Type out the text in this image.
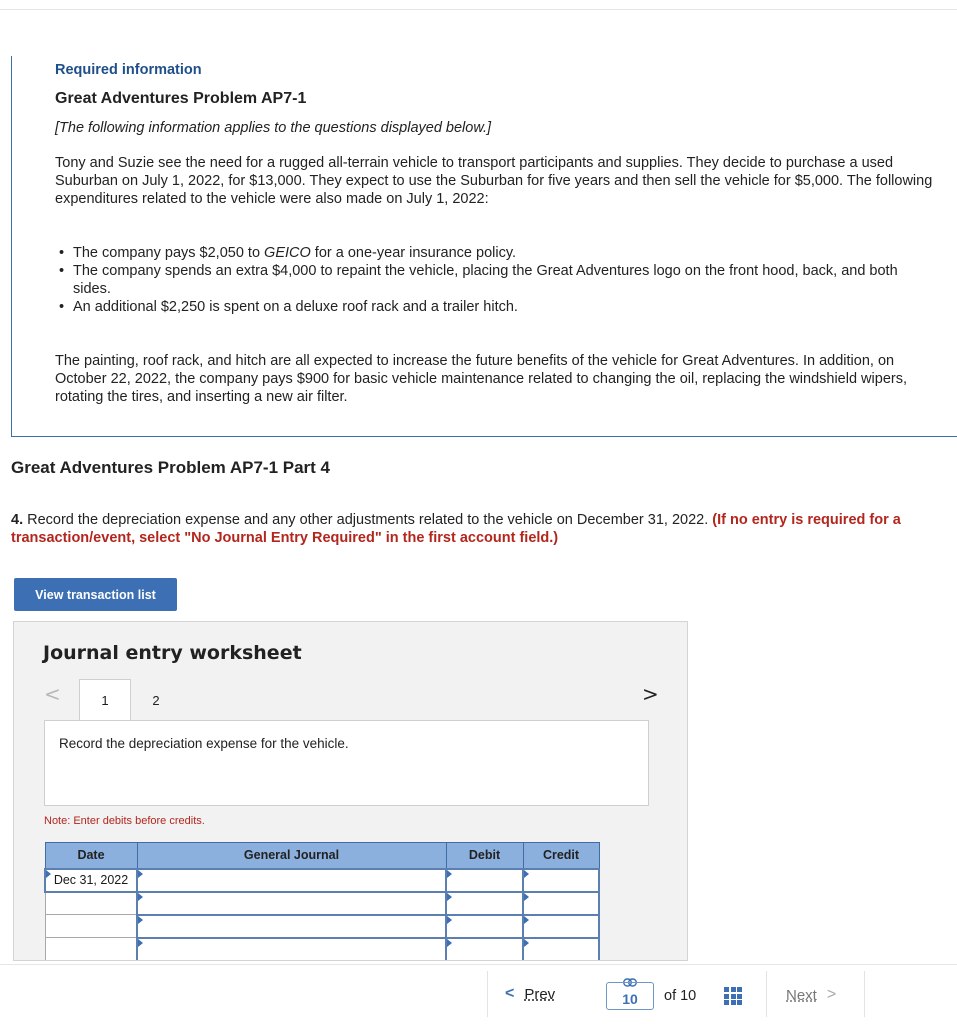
Required information
Great Adventures Problem AP7-1
[The following information applies to the questions displayed below.]

Tony and Suzie see the need for a rugged all-terrain vehicle to transport participants and supplies. They decide to purchase a used Suburban on July 1, 2022, for $13,000. They expect to use the Suburban for five years and then sell the vehicle for $5,000. The following expenditures related to the vehicle were also made on July 1, 2022:

• The company pays $2,050 to GEICO for a one-year insurance policy.
• The company spends an extra $4,000 to repaint the vehicle, placing the Great Adventures logo on the front hood, back, and both sides.
• An additional $2,250 is spent on a deluxe roof rack and a trailer hitch.

The painting, roof rack, and hitch are all expected to increase the future benefits of the vehicle for Great Adventures. In addition, on October 22, 2022, the company pays $900 for basic vehicle maintenance related to changing the oil, replacing the windshield wipers, rotating the tires, and inserting a new air filter.

Great Adventures Problem AP7-1 Part 4
4. Record the depreciation expense and any other adjustments related to the vehicle on December 31, 2022. (If no entry is required for a transaction/event, select "No Journal Entry Required" in the first account field.)
View transaction list
Journal entry worksheet
<	1	2	>
Record the depreciation expense for the vehicle.
Note: Enter debits before credits.
Date	General Journal	Debit	Credit
Dec 31, 2022			

< Prev	10	of 10	Next >
